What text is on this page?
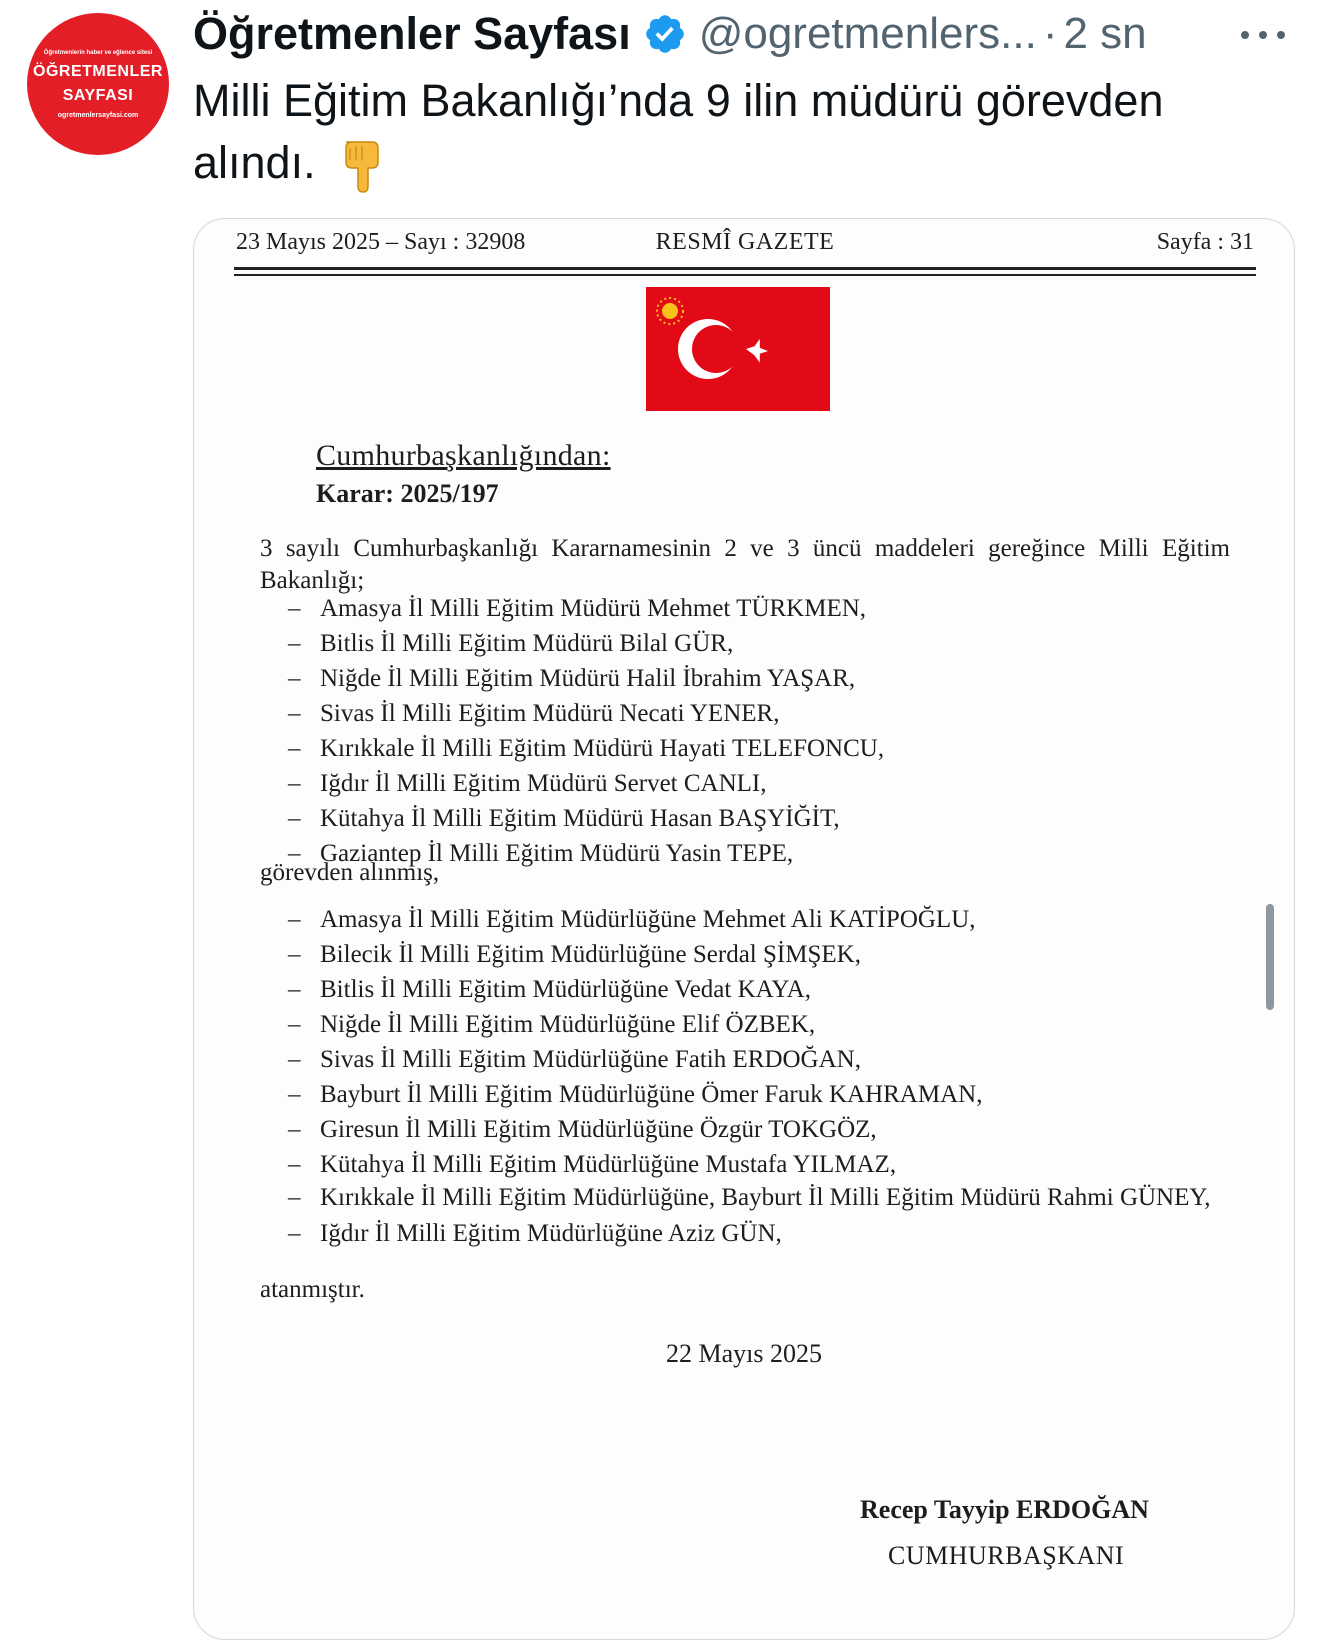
Öğretmenlerin haber ve eğlence sitesi
ÖĞRETMENLER
SAYFASI
ogretmenlersayfasi.com
Öğretmenler Sayfası @ogretmenlers... · 2 sn
Milli Eğitim Bakanlığı’nda 9 ilin müdürü görevden alındı.
23 Mayıs 2025 – Sayı : 32908	RESMÎ GAZETE	Sayfa : 31
Cumhurbaşkanlığından:
Karar: 2025/197
3 sayılı Cumhurbaşkanlığı Kararnamesinin 2 ve 3 üncü maddeleri gereğince Milli Eğitim Bakanlığı;
– Amasya İl Milli Eğitim Müdürü Mehmet TÜRKMEN,
– Bitlis İl Milli Eğitim Müdürü Bilal GÜR,
– Niğde İl Milli Eğitim Müdürü Halil İbrahim YAŞAR,
– Sivas İl Milli Eğitim Müdürü Necati YENER,
– Kırıkkale İl Milli Eğitim Müdürü Hayati TELEFONCU,
– Iğdır İl Milli Eğitim Müdürü Servet CANLI,
– Kütahya İl Milli Eğitim Müdürü Hasan BAŞYİĞİT,
– Gaziantep İl Milli Eğitim Müdürü Yasin TEPE,
görevden alınmış,
– Amasya İl Milli Eğitim Müdürlüğüne Mehmet Ali KATİPOĞLU,
– Bilecik İl Milli Eğitim Müdürlüğüne Serdal ŞİMŞEK,
– Bitlis İl Milli Eğitim Müdürlüğüne Vedat KAYA,
– Niğde İl Milli Eğitim Müdürlüğüne Elif ÖZBEK,
– Sivas İl Milli Eğitim Müdürlüğüne Fatih ERDOĞAN,
– Bayburt İl Milli Eğitim Müdürlüğüne Ömer Faruk KAHRAMAN,
– Giresun İl Milli Eğitim Müdürlüğüne Özgür TOKGÖZ,
– Kütahya İl Milli Eğitim Müdürlüğüne Mustafa YILMAZ,
– Kırıkkale İl Milli Eğitim Müdürlüğüne, Bayburt İl Milli Eğitim Müdürü Rahmi GÜNEY,
– Iğdır İl Milli Eğitim Müdürlüğüne Aziz GÜN,
atanmıştır.
22 Mayıs 2025
Recep Tayyip ERDOĞAN
CUMHURBAŞKANI
